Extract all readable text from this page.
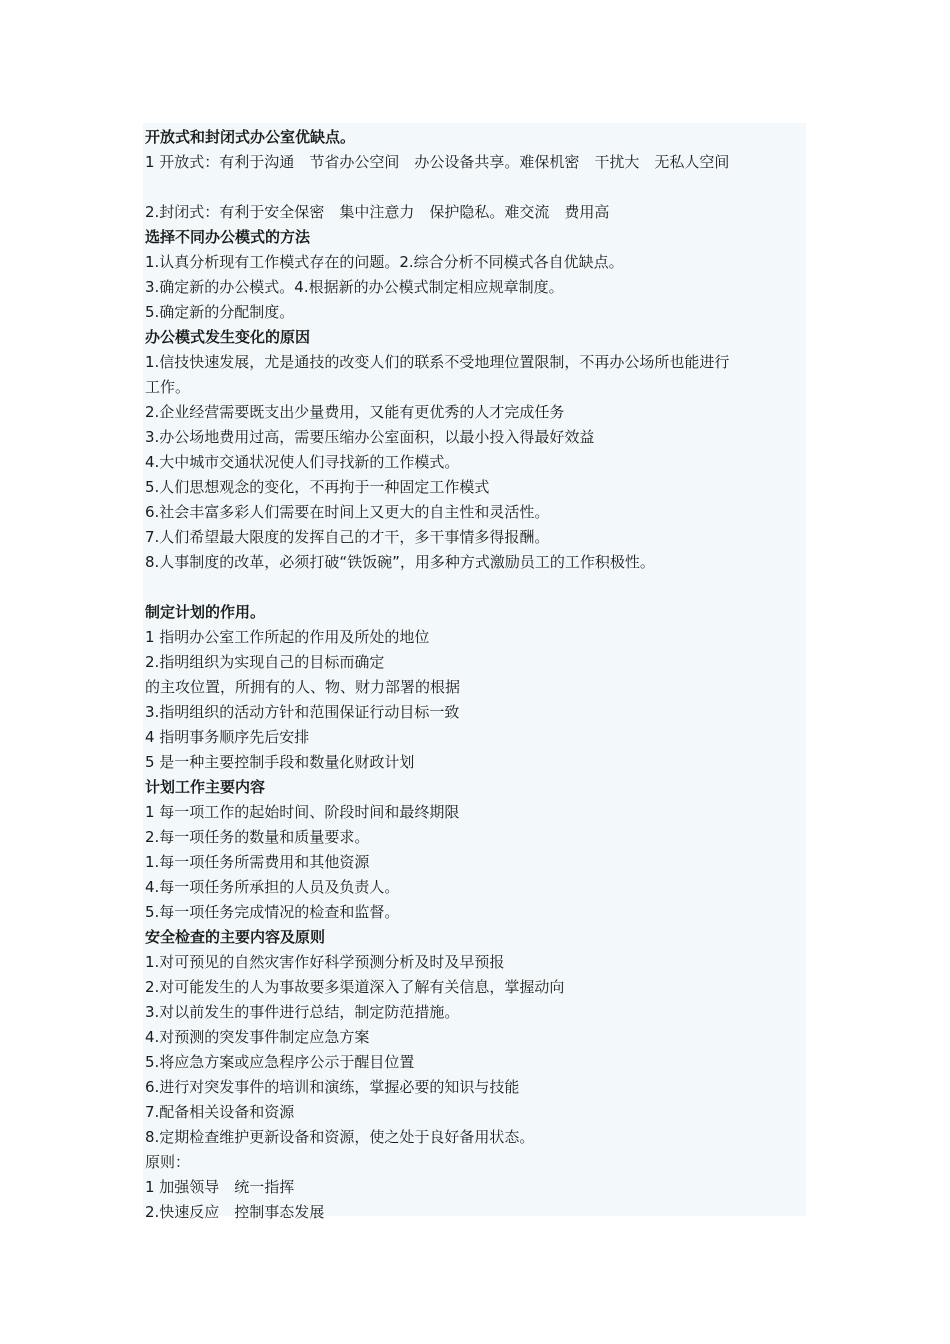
开放式和封闭式办公室优缺点。
1 开放式：有利于沟通　节省办公空间　办公设备共享。难保机密　干扰大　无私人空间
2.封闭式：有利于安全保密　集中注意力　保护隐私。难交流　费用高
选择不同办公模式的方法
1.认真分析现有工作模式存在的问题。2.综合分析不同模式各自优缺点。
3.确定新的办公模式。4.根据新的办公模式制定相应规章制度。
5.确定新的分配制度。
办公模式发生变化的原因
1.信技快速发展，尤是通技的改变人们的联系不受地理位置限制，不再办公场所也能进行
工作。
2.企业经营需要既支出少量费用，又能有更优秀的人才完成任务
3.办公场地费用过高，需要压缩办公室面积，以最小投入得最好效益
4.大中城市交通状况使人们寻找新的工作模式。
5.人们思想观念的变化，不再拘于一种固定工作模式
6.社会丰富多彩人们需要在时间上又更大的自主性和灵活性。
7.人们希望最大限度的发挥自己的才干，多干事情多得报酬。
8.人事制度的改革，必须打破“铁饭碗”，用多种方式激励员工的工作积极性。
制定计划的作用。
1 指明办公室工作所起的作用及所处的地位
2.指明组织为实现自己的目标而确定
的主攻位置，所拥有的人、物、财力部署的根据
3.指明组织的活动方针和范围保证行动目标一致
4 指明事务顺序先后安排
5 是一种主要控制手段和数量化财政计划
计划工作主要内容
1 每一项工作的起始时间、阶段时间和最终期限
2.每一项任务的数量和质量要求。
1.每一项任务所需费用和其他资源
4.每一项任务所承担的人员及负责人。
5.每一项任务完成情况的检查和监督。
安全检查的主要内容及原则
1.对可预见的自然灾害作好科学预测分析及时及早预报
2.对可能发生的人为事故要多渠道深入了解有关信息，掌握动向
3.对以前发生的事件进行总结，制定防范措施。
4.对预测的突发事件制定应急方案
5.将应急方案或应急程序公示于醒目位置
6.进行对突发事件的培训和演练，掌握必要的知识与技能
7.配备相关设备和资源
8.定期检查维护更新设备和资源，使之处于良好备用状态。
原则：
1 加强领导　统一指挥
2.快速反应　控制事态发展
